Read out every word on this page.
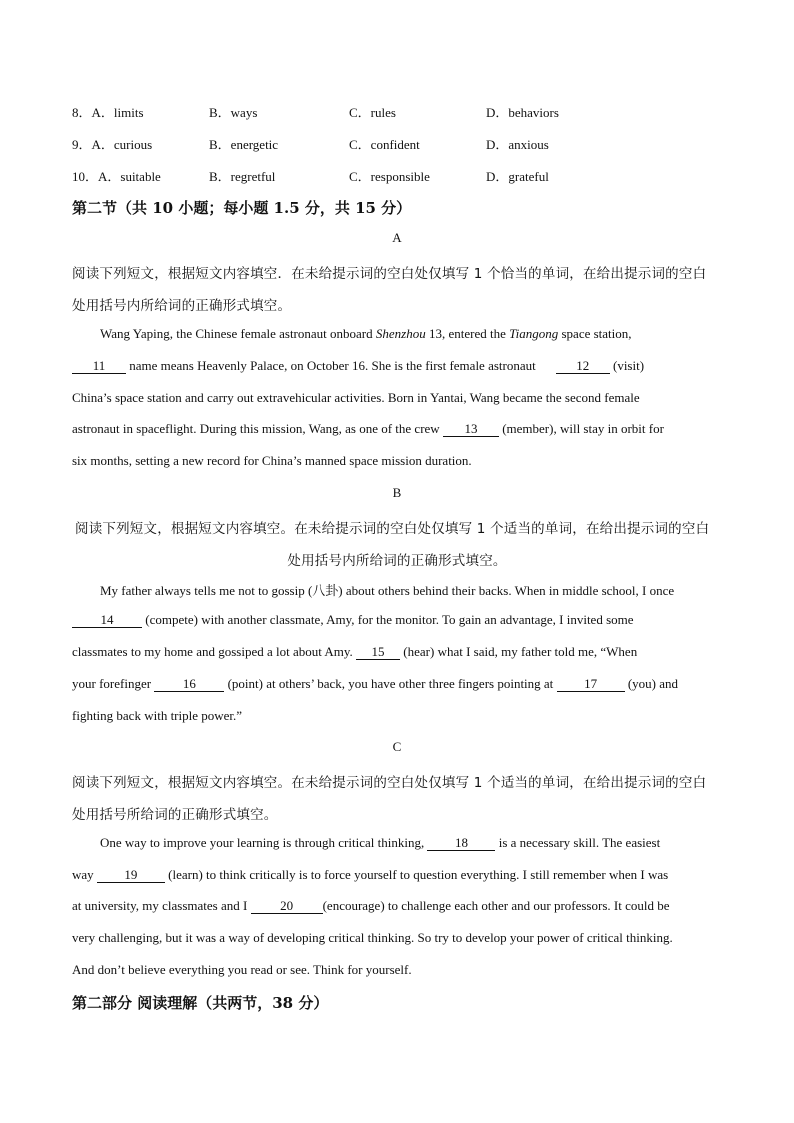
8．A．limits	B．ways	C．rules	D．behaviors
9．A．curious	B．energetic	C．confident	D．anxious
10．A．suitable	B．regretful	C．responsible	D．grateful
第二节（共 10 小题；每小题 1.5 分，共 15 分）
A
阅读下列短文，根据短文内容填空．在未给提示词的空白处仅填写 1 个恰当的单词，在给出提示词的空白
处用括号内所给词的正确形式填空。
Wang Yaping, the Chinese female astronaut onboard Shenzhou 13, entered the Tiangong space station,
11 name means Heavenly Palace, on October 16. She is the first female astronaut	12 (visit)
China’s space station and carry out extravehicular activities. Born in Yantai, Wang became the second female
astronaut in spaceflight. During this mission, Wang, as one of the crew 13 (member), will stay in orbit for
six months, setting a new record for China’s manned space mission duration.
B
阅读下列短文，根据短文内容填空。在未给提示词的空白处仅填写 1 个适当的单词，在给出提示词的空白
处用括号内所给词的正确形式填空。
My father always tells me not to gossip (八卦) about others behind their backs. When in middle school, I once
14 (compete) with another classmate, Amy, for the monitor. To gain an advantage, I invited some
classmates to my home and gossiped a lot about Amy. 15 (hear) what I said, my father told me, “When
your forefinger 16 (point) at others’ back, you have other three fingers pointing at 17 (you) and
fighting back with triple power.”
C
阅读下列短文，根据短文内容填空。在未给提示词的空白处仅填写 1 个适当的单词，在给出提示词的空白
处用括号所给词的正确形式填空。
One way to improve your learning is through critical thinking, 18 is a necessary skill. The easiest
way 19 (learn) to think critically is to force yourself to question everything. I still remember when I was
at university, my classmates and I 20 (encourage) to challenge each other and our professors. It could be
very challenging, but it was a way of developing critical thinking. So try to develop your power of critical thinking.
And don’t believe everything you read or see. Think for yourself.
第二部分 阅读理解（共两节，38 分）
